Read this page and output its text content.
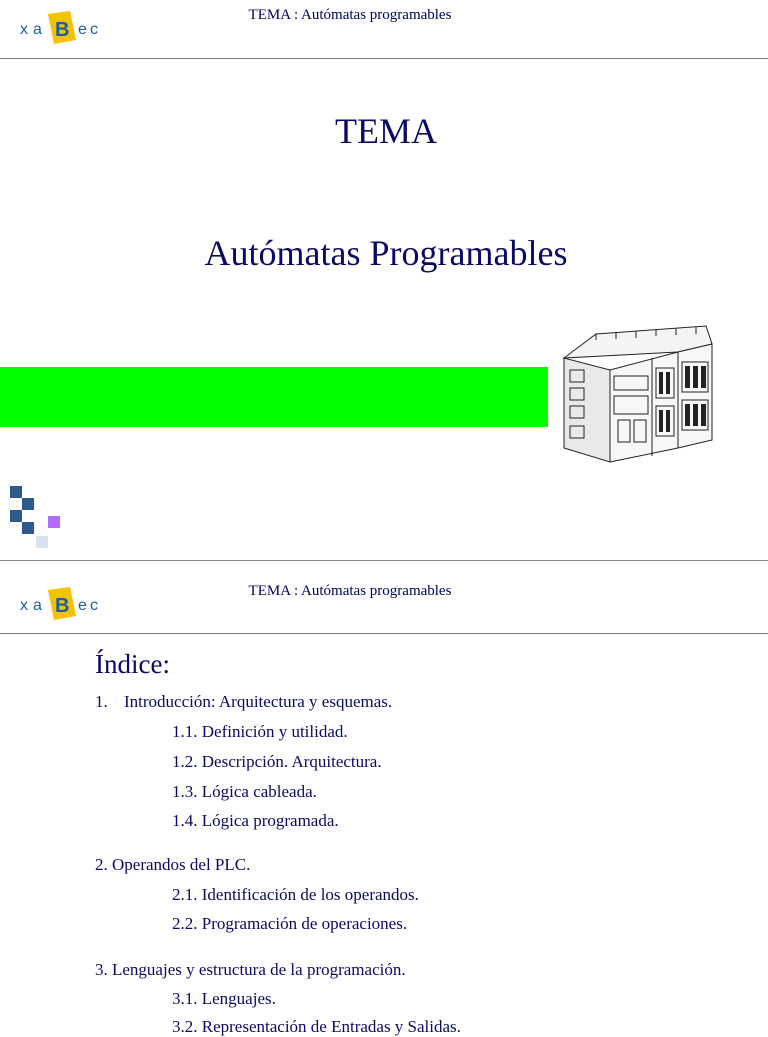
x a B e c
TEMA : Autómatas programables
TEMA
Autómatas Programables
x a B e c
TEMA : Autómatas programables
Índice:
1. Introducción: Arquitectura y esquemas.
1.1. Definición y utilidad.
1.2. Descripción. Arquitectura.
1.3. Lógica cableada.
1.4. Lógica programada.
2. Operandos del PLC.
2.1. Identificación de los operandos.
2.2. Programación de operaciones.
3. Lenguajes y estructura de la programación.
3.1. Lenguajes.
3.2. Representación de Entradas y Salidas.
